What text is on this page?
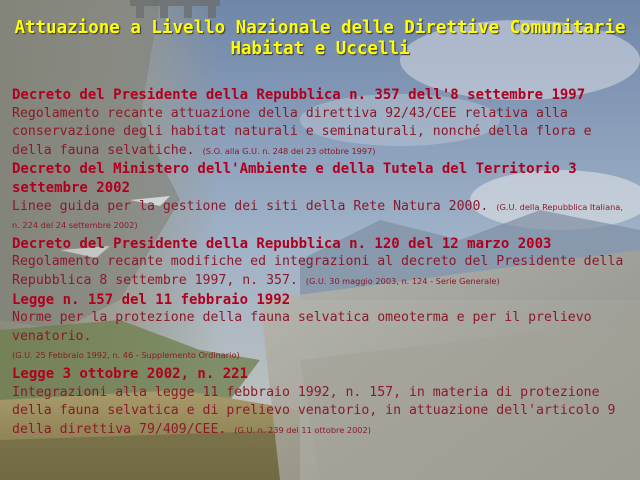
Attuazione a Livello Nazionale delle Direttive Comunitarie
Habitat e Uccelli
Decreto del Presidente della Repubblica n. 357 dell'8 settembre 1997
Regolamento recante attuazione della direttiva 92/43/CEE relativa alla conservazione degli habitat naturali e seminaturali, nonché della flora e della fauna selvatiche. (S.O. alla G.U. n. 248 del 23 ottobre 1997)
Decreto del Ministero dell'Ambiente e della Tutela del Territorio 3 settembre 2002
Linee guida per la gestione dei siti della Rete Natura 2000. (G.U. della Repubblica Italiana, n. 224 del 24 settembre 2002)
Decreto del Presidente della Repubblica n. 120 del 12 marzo 2003
Regolamento recante modifiche ed integrazioni al decreto del Presidente della Repubblica 8 settembre 1997, n. 357. (G.U. 30 maggio 2003, n. 124 - Serie Generale)
Legge n. 157 del 11 febbraio 1992
Norme per la protezione della fauna selvatica omeoterma e per il prelievo venatorio.
(G.U. 25 Febbraio 1992, n. 46 - Supplemento Ordinario)
Legge 3 ottobre 2002, n. 221
Integrazioni alla legge 11 febbraio 1992, n. 157, in materia di protezione della fauna selvatica e di prelievo venatorio, in attuazione dell'articolo 9 della direttiva 79/409/CEE. (G.U. n. 239 del 11 ottobre 2002)
